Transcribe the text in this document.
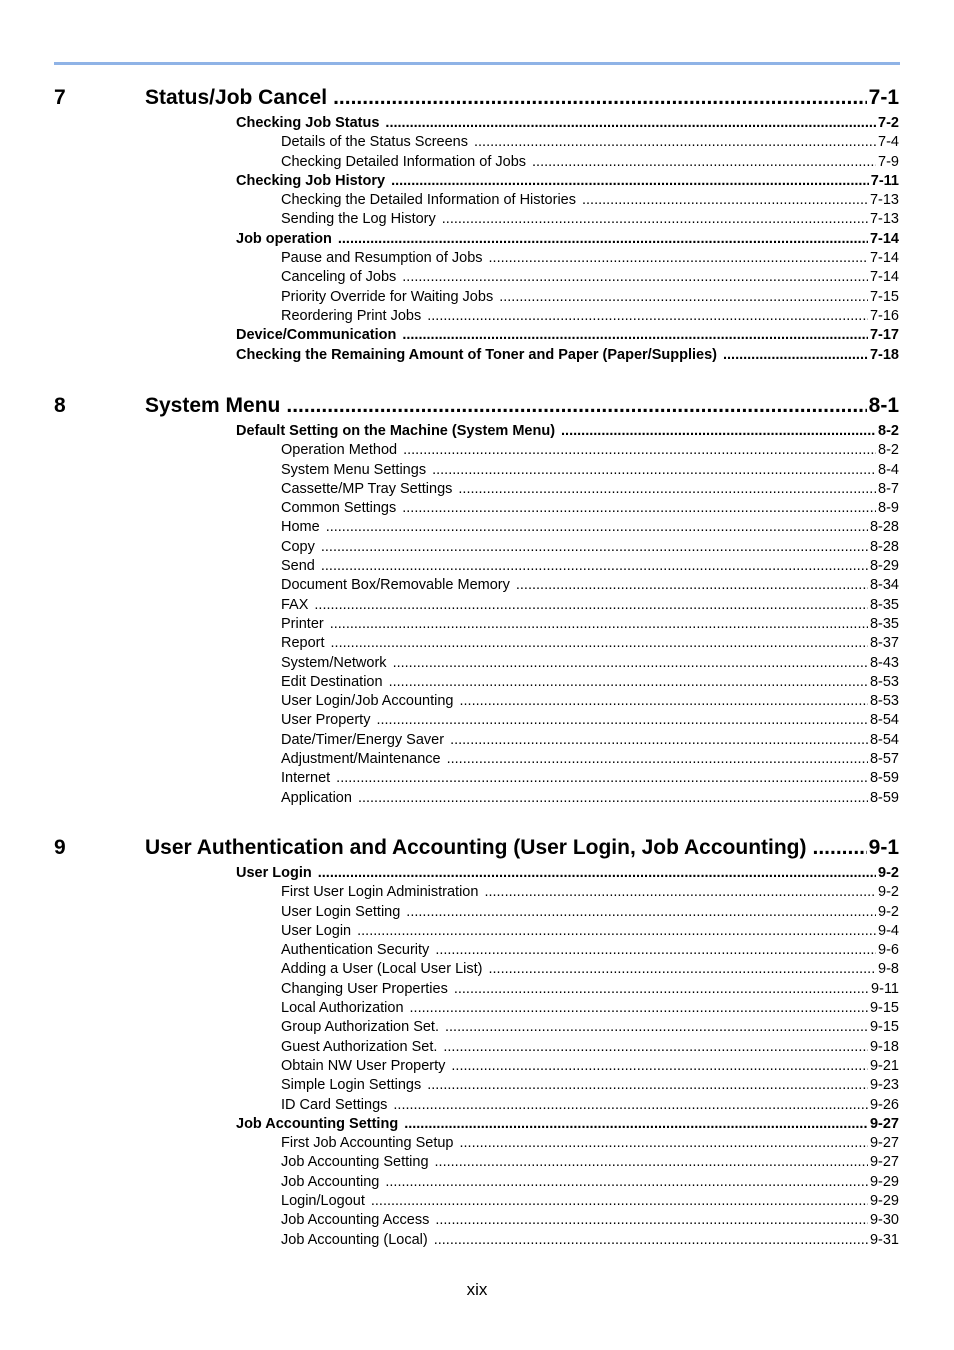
7	Status/Job Cancel .....	7-1
Checking Job Status .....	7-2
Details of the Status Screens .....	7-4
Checking Detailed Information of Jobs .....	7-9
Checking Job History .....	7-11
Checking the Detailed Information of Histories .....	7-13
Sending the Log History .....	7-13
Job operation .....	7-14
Pause and Resumption of Jobs .....	7-14
Canceling of Jobs .....	7-14
Priority Override for Waiting Jobs .....	7-15
Reordering Print Jobs .....	7-16
Device/Communication .....	7-17
Checking the Remaining Amount of Toner and Paper (Paper/Supplies) .....	7-18
8	System Menu .....	8-1
Default Setting on the Machine (System Menu) .....	8-2
Operation Method .....	8-2
System Menu Settings .....	8-4
Cassette/MP Tray Settings .....	8-7
Common Settings .....	8-9
Home .....	8-28
Copy .....	8-28
Send .....	8-29
Document Box/Removable Memory .....	8-34
FAX .....	8-35
Printer .....	8-35
Report .....	8-37
System/Network .....	8-43
Edit Destination .....	8-53
User Login/Job Accounting .....	8-53
User Property .....	8-54
Date/Timer/Energy Saver .....	8-54
Adjustment/Maintenance .....	8-57
Internet .....	8-59
Application .....	8-59
9	User Authentication and Accounting (User Login, Job Accounting) .....	9-1
User Login .....	9-2
First User Login Administration .....	9-2
User Login Setting .....	9-2
User Login .....	9-4
Authentication Security .....	9-6
Adding a User (Local User List) .....	9-8
Changing User Properties .....	9-11
Local Authorization .....	9-15
Group Authorization Set. .....	9-15
Guest Authorization Set. .....	9-18
Obtain NW User Property .....	9-21
Simple Login Settings .....	9-23
ID Card Settings .....	9-26
Job Accounting Setting .....	9-27
First Job Accounting Setup .....	9-27
Job Accounting Setting .....	9-27
Job Accounting .....	9-29
Login/Logout .....	9-29
Job Accounting Access .....	9-30
Job Accounting (Local) .....	9-31
xix
